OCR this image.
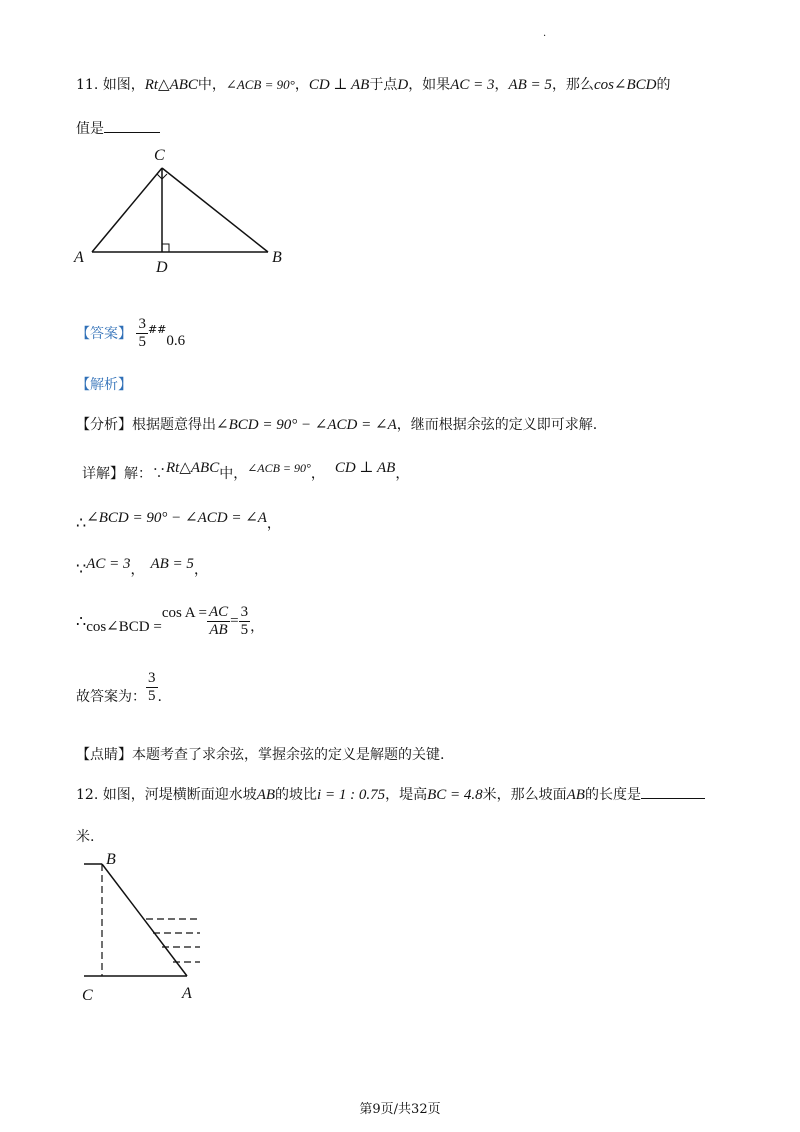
.
11. 如图，Rt△ABC中，∠ACB = 90°，CD ⊥ AB于点D，如果AC = 3，AB = 5，那么cos∠BCD的
值是
C
A
D
B
【答案】 $\frac{3}{5} ^{\#\#}0.6$
【解析】
【分析】根据题意得出∠BCD = 90° − ∠ACD = ∠A，继而根据余弦的定义即可求解.
详解】解：∵Rt△ABC中，∠ACB = 90°， CD ⊥ AB，
∴∠BCD = 90° − ∠ACD = ∠A，
∵AC = 3， AB = 5，
∴cos∠BCD =cos $A = \frac{AC}{AB} = \frac{3}{5}$ ，
故答案为： $\frac{3}{5}$ .
【点睛】本题考查了求余弦，掌握余弦的定义是解题的关键.
12. 如图，河堤横断面迎水坡AB的坡比i = 1 : 0.75，堤高BC = 4.8米，那么坡面AB的长度是
米.
B
C	A
第9页/共32页
